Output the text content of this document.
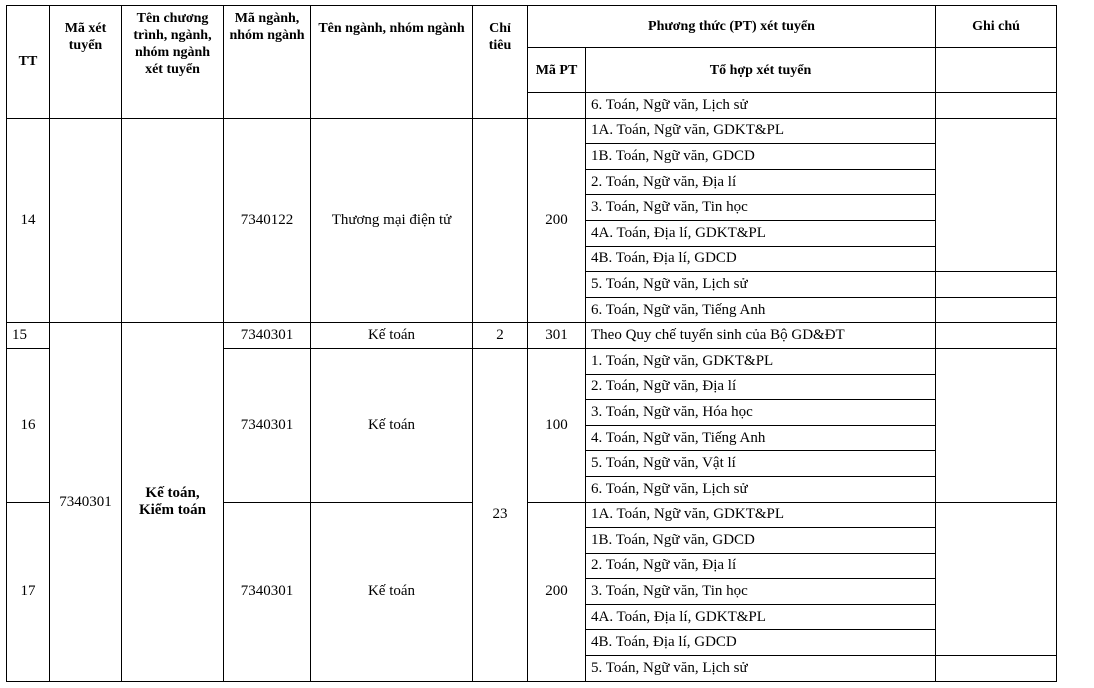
TT	Mã xét tuyển	Tên chương trình, ngành, nhóm ngành xét tuyển	Mã ngành, nhóm ngành	Tên ngành, nhóm ngành	Chỉ tiêu	Phương thức (PT) xét tuyển		Ghi chú
						Mã PT	Tổ hợp xét tuyển	
							6. Toán, Ngữ văn, Lịch sử	
14			7340122	Thương mại điện tử		200	1A. Toán, Ngữ văn, GDKT&PL	
							1B. Toán, Ngữ văn, GDCD	
							2. Toán, Ngữ văn, Địa lí	
							3. Toán, Ngữ văn, Tin học	
							4A. Toán, Địa lí, GDKT&PL	
							4B. Toán, Địa lí, GDCD	
							5. Toán, Ngữ văn, Lịch sử	
							6. Toán, Ngữ văn, Tiếng Anh	
15	7340301	Kế toán, Kiểm toán	7340301	Kế toán	2	301	Theo Quy chế tuyển sinh của Bộ GD&ĐT	
16			7340301	Kế toán	23	100	1. Toán, Ngữ văn, GDKT&PL	
							2. Toán, Ngữ văn, Địa lí	
							3. Toán, Ngữ văn, Hóa học	
							4. Toán, Ngữ văn, Tiếng Anh	
							5. Toán, Ngữ văn, Vật lí	
							6. Toán, Ngữ văn, Lịch sử	
17			7340301	Kế toán		200	1A. Toán, Ngữ văn, GDKT&PL	
							1B. Toán, Ngữ văn, GDCD	
							2. Toán, Ngữ văn, Địa lí	
							3. Toán, Ngữ văn, Tin học	
							4A. Toán, Địa lí, GDKT&PL	
							4B. Toán, Địa lí, GDCD	
							5. Toán, Ngữ văn, Lịch sử	
